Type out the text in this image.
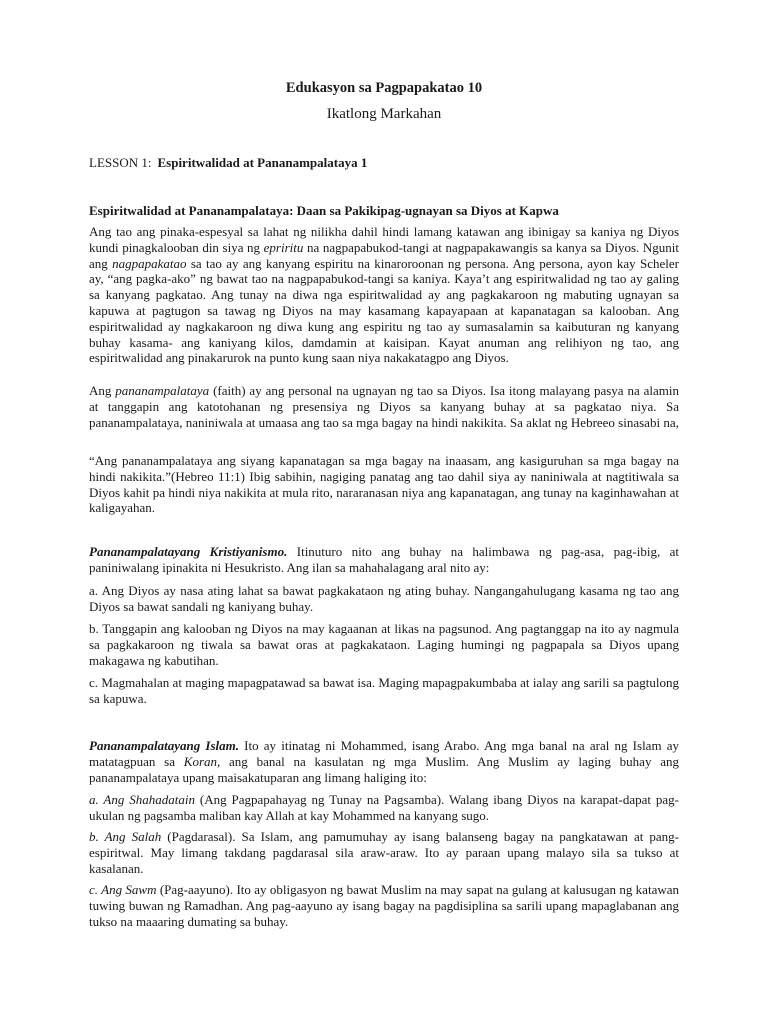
Edukasyon sa Pagpapakatao 10
Ikatlong Markahan
LESSON 1: Espiritwalidad at Pananampalataya 1
Espiritwalidad at Pananampalataya: Daan sa Pakikipag-ugnayan sa Diyos at Kapwa

Ang tao ang pinaka-espesyal sa lahat ng nilikha dahil hindi lamang katawan ang ibinigay sa kaniya ng Diyos kundi pinagkalooban din siya ng epriritu na nagpapabukod-tangi at nagpapakawangis sa kanya sa Diyos. Ngunit ang nagpapakatao sa tao ay ang kanyang espiritu na kinaroroonan ng persona. Ang persona, ayon kay Scheler ay, “ang pagka-ako” ng bawat tao na nagpapabukod-tangi sa kaniya. Kaya’t ang espiritwalidad ng tao ay galing sa kanyang pagkatao. Ang tunay na diwa nga espiritwalidad ay ang pagkakaroon ng mabuting ugnayan sa kapuwa at pagtugon sa tawag ng Diyos na may kasamang kapayapaan at kapanatagan sa kalooban. Ang espiritwalidad ay nagkakaroon ng diwa kung ang espiritu ng tao ay sumasalamin sa kaibuturan ng kanyang buhay kasama- ang kaniyang kilos, damdamin at kaisipan. Kayat anuman ang relihiyon ng tao, ang espiritwalidad ang pinakarurok na punto kung saan niya nakakatagpo ang Diyos.

Ang pananampalataya (faith) ay ang personal na ugnayan ng tao sa Diyos. Isa itong malayang pasya na alamin at tanggapin ang katotohanan ng presensiya ng Diyos sa kanyang buhay at sa pagkatao niya. Sa pananampalataya, naniniwala at umaasa ang tao sa mga bagay na hindi nakikita. Sa aklat ng Hebreeo sinasabi na,

“Ang pananampalataya ang siyang kapanatagan sa mga bagay na inaasam, ang kasiguruhan sa mga bagay na hindi nakikita.”(Hebreo 11:1) Ibig sabihin, nagiging panatag ang tao dahil siya ay naniniwala at nagtitiwala sa Diyos kahit pa hindi niya nakikita at mula rito, nararanasan niya ang kapanatagan, ang tunay na kaginhawahan at kaligayahan.

Pananampalatayang Kristiyanismo. Itinuturo nito ang buhay na halimbawa ng pag-asa, pag-ibig, at paniniwalang ipinakita ni Hesukristo. Ang ilan sa mahahalagang aral nito ay:

a. Ang Diyos ay nasa ating lahat sa bawat pagkakataon ng ating buhay. Nangangahulugang kasama ng tao ang Diyos sa bawat sandali ng kaniyang buhay.

b. Tanggapin ang kalooban ng Diyos na may kagaanan at likas na pagsunod. Ang pagtanggap na ito ay nagmula sa pagkakaroon ng tiwala sa bawat oras at pagkakataon. Laging humingi ng pagpapala sa Diyos upang makagawa ng kabutihan.

c. Magmahalan at maging mapagpatawad sa bawat isa. Maging mapagpakumbaba at ialay ang sarili sa pagtulong sa kapuwa.

Pananampalatayang Islam. Ito ay itinatag ni Mohammed, isang Arabo. Ang mga banal na aral ng Islam ay matatagpuan sa Koran, ang banal na kasulatan ng mga Muslim. Ang Muslim ay laging buhay ang pananampalataya upang maisakatuparan ang limang haliging ito:

a. Ang Shahadatain (Ang Pagpapahayag ng Tunay na Pagsamba). Walang ibang Diyos na karapat-dapat pag-ukulan ng pagsamba maliban kay Allah at kay Mohammed na kanyang sugo.

b. Ang Salah (Pagdarasal). Sa Islam, ang pamumuhay ay isang balanseng bagay na pangkatawan at pang-espiritwal. May limang takdang pagdarasal sila araw-araw. Ito ay paraan upang malayo sila sa tukso at kasalanan.

c. Ang Sawm (Pag-aayuno). Ito ay obligasyon ng bawat Muslim na may sapat na gulang at kalusugan ng katawan tuwing buwan ng Ramadhan. Ang pag-aayuno ay isang bagay na pagdisiplina sa sarili upang mapaglabanan ang tukso na maaaring dumating sa buhay.
